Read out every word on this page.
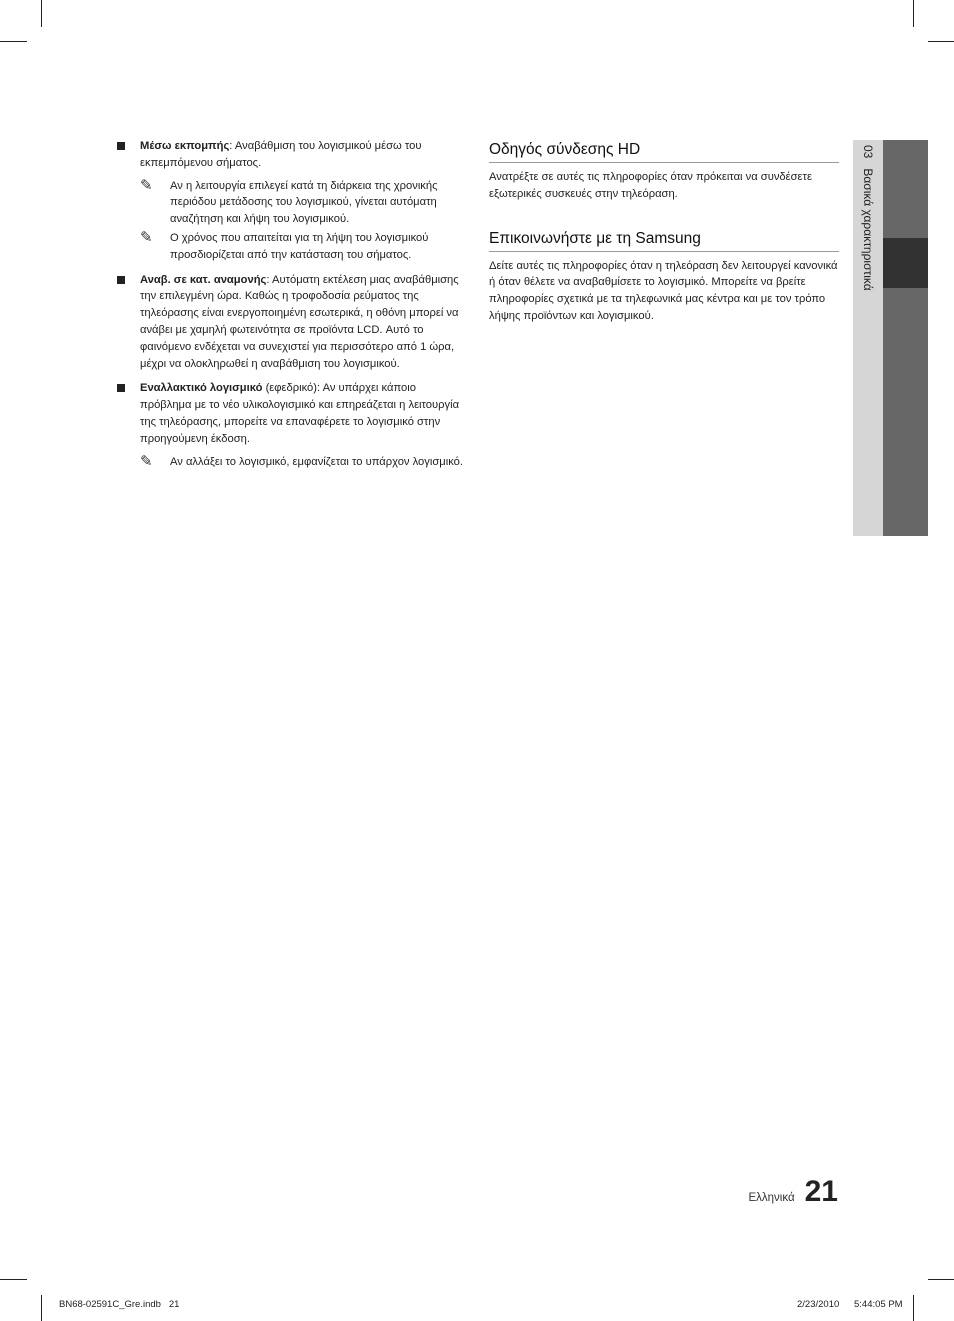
Μέσω εκπομπής: Αναβάθμιση του λογισμικού μέσω του εκπεμπόμενου σήματος.
✎ Αν η λειτουργία επιλεγεί κατά τη διάρκεια της χρονικής περιόδου μετάδοσης του λογισμικού, γίνεται αυτόματη αναζήτηση και λήψη του λογισμικού.
✎ Ο χρόνος που απαιτείται για τη λήψη του λογισμικού προσδιορίζεται από την κατάσταση του σήματος.
Αναβ. σε κατ. αναμονής: Αυτόματη εκτέλεση μιας αναβάθμισης την επιλεγμένη ώρα. Καθώς η τροφοδοσία ρεύματος της τηλεόρασης είναι ενεργοποιημένη εσωτερικά, η οθόνη μπορεί να ανάβει με χαμηλή φωτεινότητα σε προϊόντα LCD. Αυτό το φαινόμενο ενδέχεται να συνεχιστεί για περισσότερο από 1 ώρα, μέχρι να ολοκληρωθεί η αναβάθμιση του λογισμικού.
Εναλλακτικό λογισμικό (εφεδρικό): Αν υπάρχει κάποιο πρόβλημα με το νέο υλικολογισμικό και επηρεάζεται η λειτουργία της τηλεόρασης, μπορείτε να επαναφέρετε το λογισμικό στην προηγούμενη έκδοση.
✎ Αν αλλάξει το λογισμικό, εμφανίζεται το υπάρχον λογισμικό.
Οδηγός σύνδεσης HD

Ανατρέξτε σε αυτές τις πληροφορίες όταν πρόκειται να συνδέσετε εξωτερικές συσκευές στην τηλεόραση.

Επικοινωνήστε με τη Samsung

Δείτε αυτές τις πληροφορίες όταν η τηλεόραση δεν λειτουργεί κανονικά ή όταν θέλετε να αναβαθμίσετε το λογισμικό. Μπορείτε να βρείτε πληροφορίες σχετικά με τα τηλεφωνικά μας κέντρα και με τον τρόπο λήψης προϊόντων και λογισμικού.

03Βασικά χαρακτηριστικά
Ελληνικά 21
BN68-02591C_Gre.indb   21	2/23/2010 5:44:05 PM
